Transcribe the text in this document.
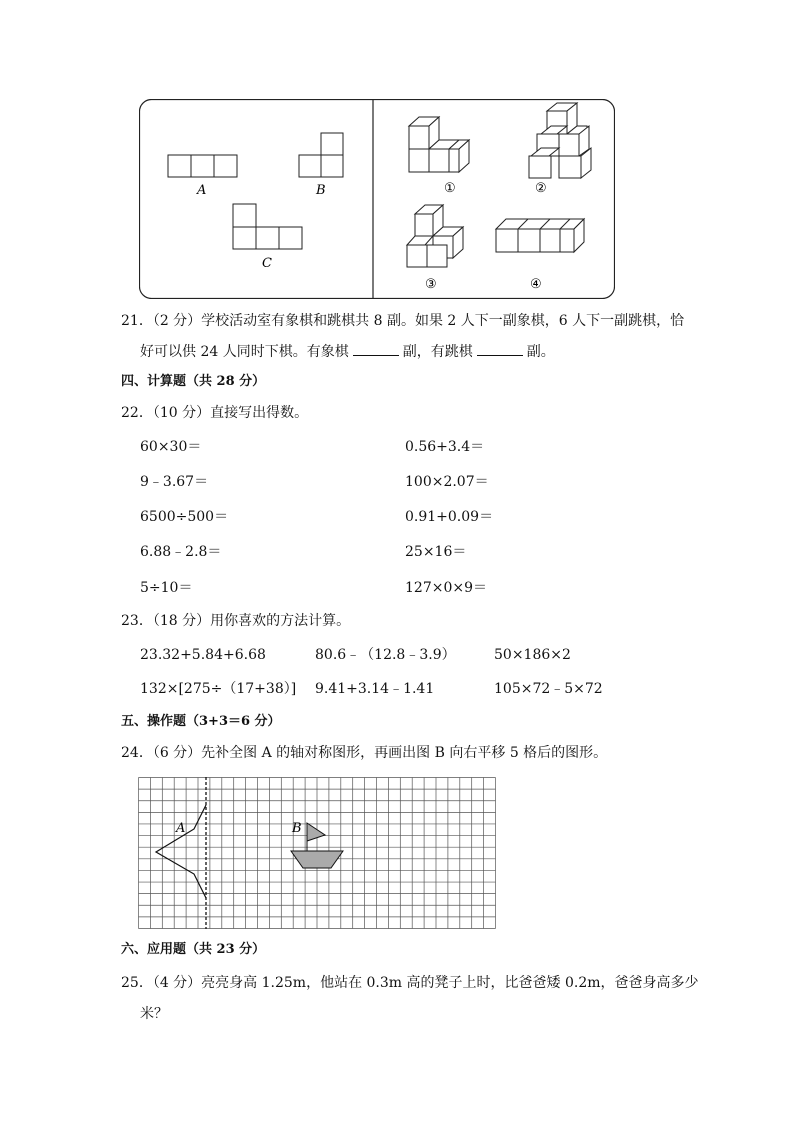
A	B
C
①	②
③	④
21．（2 分）学校活动室有象棋和跳棋共 8 副。如果 2 人下一副象棋，6 人下一副跳棋，恰
好可以供 24 人同时下棋。有象棋	副，有跳棋	副。
四、计算题（共 28 分）
22．（10 分）直接写出得数。
60×30＝	0.56+3.4＝
9﹣3.67＝	100×2.07＝
6500÷500＝	0.91+0.09＝
6.88﹣2.8＝	25×16＝
5÷10＝	127×0×9＝
23．（18 分）用你喜欢的方法计算。
23.32+5.84+6.68	80.6﹣（12.8﹣3.9）	50×186×2
132×[275÷（17+38）] 9.41+3.14﹣1.41	105×72﹣5×72
五、操作题（3+3＝6 分）
24．（6 分）先补全图 A 的轴对称图形，再画出图 B 向右平移 5 格后的图形。
A	B
六、应用题（共 23 分）
25．（4 分）亮亮身高 1.25m，他站在 0.3m 高的凳子上时，比爸爸矮 0.2m，爸爸身高多少
米？
